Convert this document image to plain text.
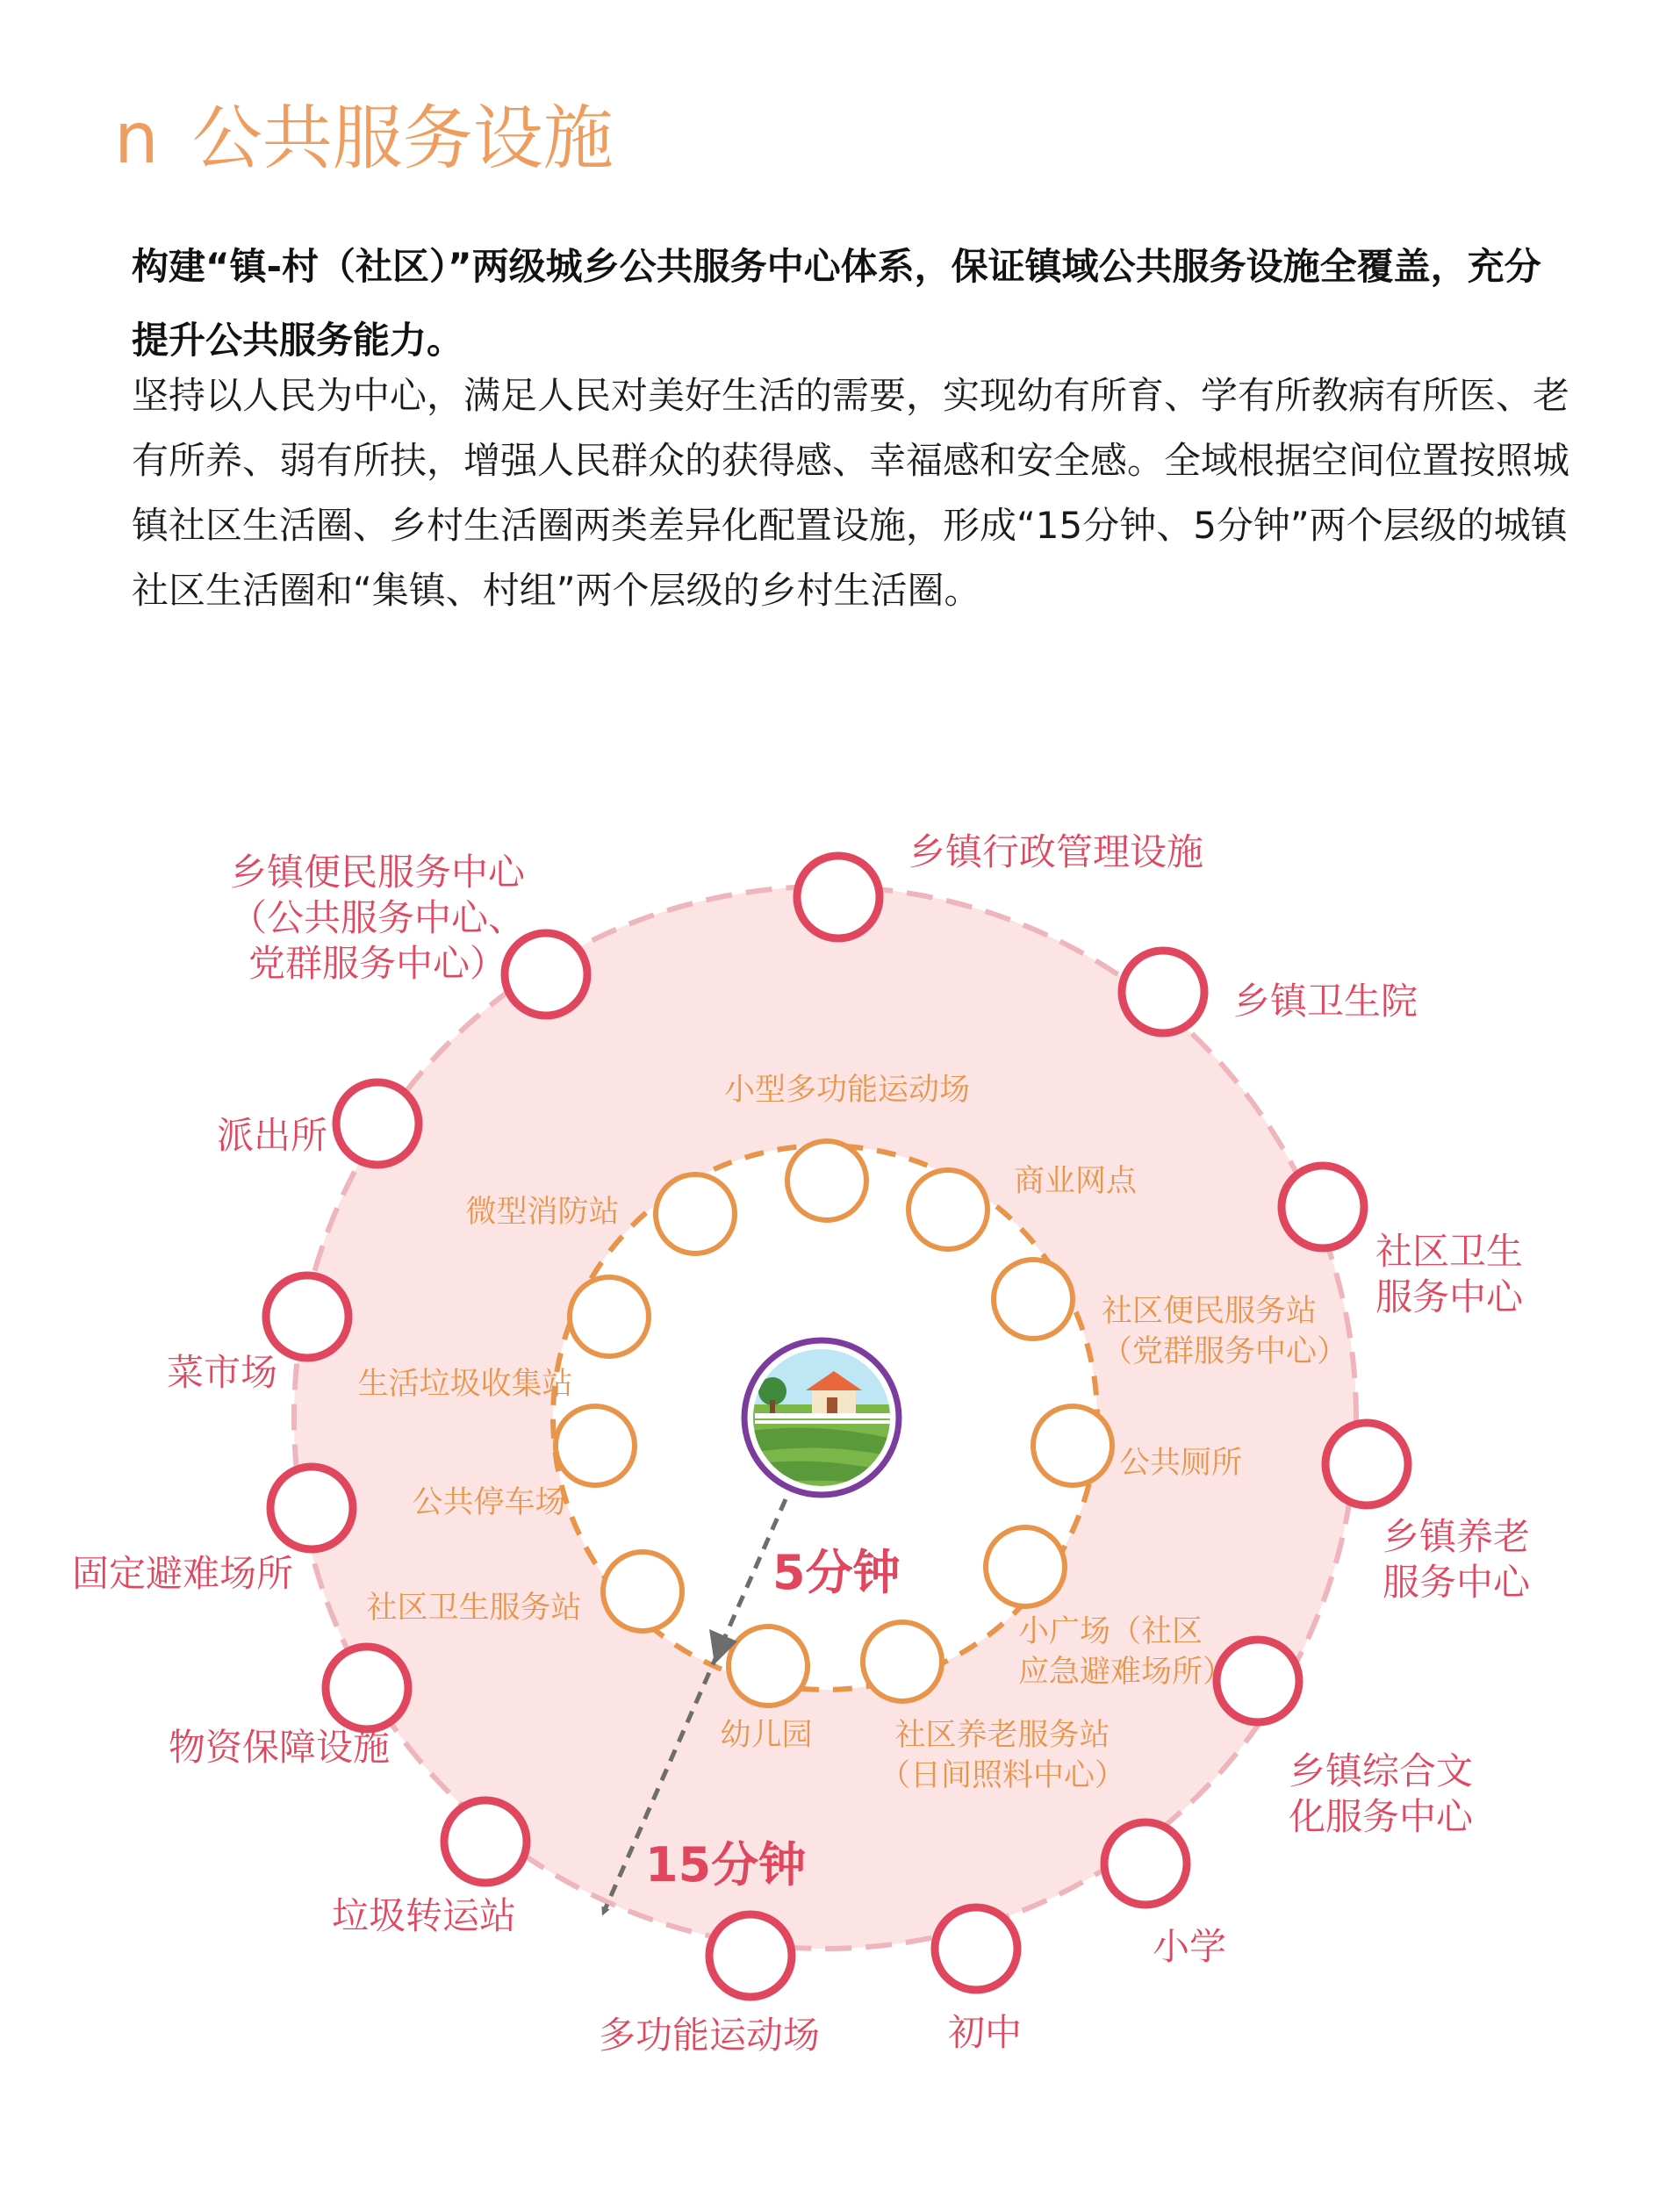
n 公共服务设施

构建“镇-村（社区）”两级城乡公共服务中心体系，保证镇域公共服务设施全覆盖，充分提升公共服务能力。

坚持以人民为中心，满足人民对美好生活的需要，实现幼有所育、学有所教病有所医、老有所养、弱有所扶，增强人民群众的获得感、幸福感和安全感。全域根据空间位置按照城镇社区生活圈、乡村生活圈两类差异化配置设施，形成“15分钟、5分钟”两个层级的城镇社区生活圈和“集镇、村组”两个层级的乡村生活圈。

乡镇行政管理设施
乡镇卫生院
社区卫生服务中心
乡镇养老服务中心
乡镇综合文化服务中心
小学
初中
多功能运动场
垃圾转运站
物资保障设施
固定避难场所
菜市场
派出所
乡镇便民服务中心（公共服务中心、党群服务中心）
小型多功能运动场
商业网点
社区便民服务站（党群服务中心）
公共厕所
小广场（社区应急避难场所）
社区养老服务站（日间照料中心）
幼儿园
社区卫生服务站
公共停车场
生活垃圾收集站
微型消防站
5分钟
15分钟
